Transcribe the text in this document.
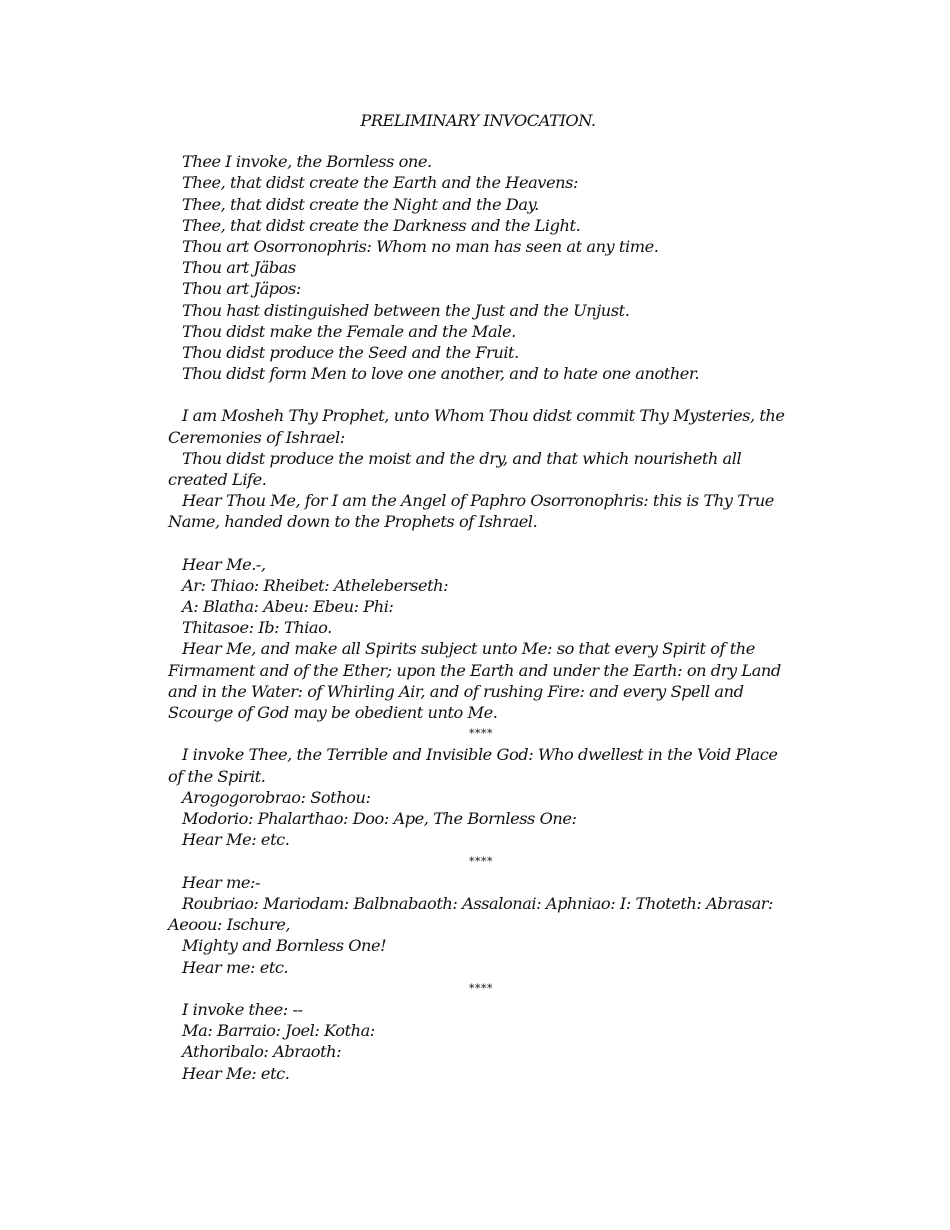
PRELIMINARY INVOCATION.

Thee I invoke, the Bornless one.

Thee, that didst create the Earth and the Heavens:

Thee, that didst create the Night and the Day.

Thee, that didst create the Darkness and the Light.

Thou art Osorronophris: Whom no man has seen at any time.

Thou art Jäbas

Thou art Jäpos:

Thou hast distinguished between the Just and the Unjust.

Thou didst make the Female and the Male.

Thou didst produce the Seed and the Fruit.

Thou didst form Men to love one another, and to hate one another.

I am Mosheh Thy Prophet, unto Whom Thou didst commit Thy Mysteries, the Ceremonies of Ishrael:

Thou didst produce the moist and the dry, and that which nourisheth all created Life.

Hear Thou Me, for I am the Angel of Paphro Osorronophris: this is Thy True Name, handed down to the Prophets of Ishrael.

Hear Me.-,

Ar: Thiao: Rheibet: Atheleberseth:

A: Blatha: Abeu: Ebeu: Phi:

Thitasoe: Ib: Thiao.

Hear Me, and make all Spirits subject unto Me: so that every Spirit of the Firmament and of the Ether; upon the Earth and under the Earth: on dry Land and in the Water: of Whirling Air, and of rushing Fire: and every Spell and Scourge of God may be obedient unto Me.

****

I invoke Thee, the Terrible and Invisible God: Who dwellest in the Void Place of the Spirit.

Arogogorobrao: Sothou:

Modorio: Phalarthao: Doo: Ape, The Bornless One:

Hear Me: etc.

****

Hear me:-

Roubriao: Mariodam: Balbnabaoth: Assalonai: Aphniao: I: Thoteth: Abrasar: Aeoou: Ischure,

Mighty and Bornless One!

Hear me: etc.

****

I invoke thee: --

Ma: Barraio: Joel: Kotha:

Athoribalo: Abraoth:

Hear Me: etc.
